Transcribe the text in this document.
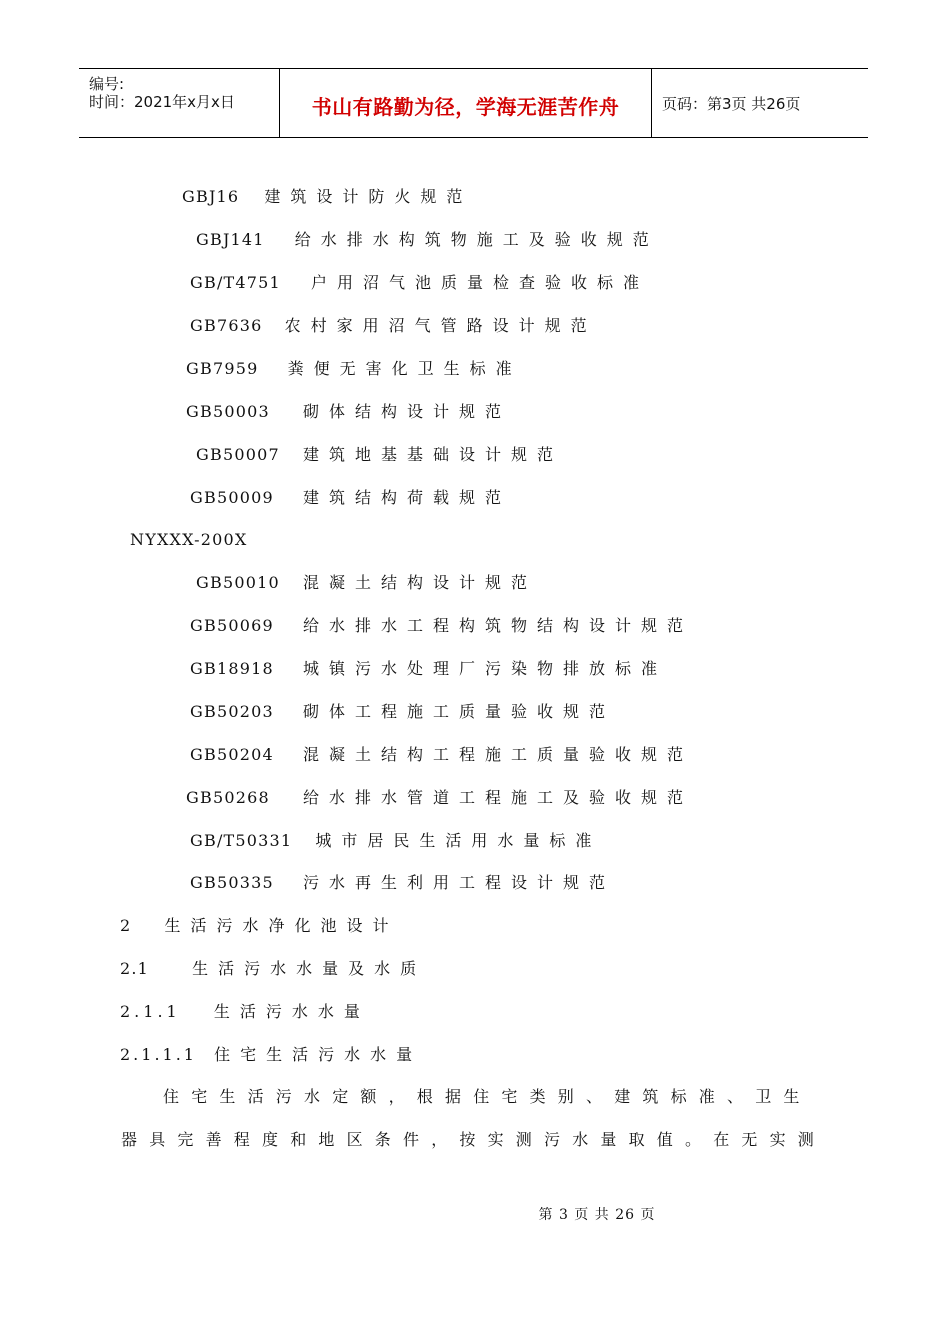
编号:
时间：2021年x月x日	书山有路勤为径，学海无涯苦作舟	页码：第3页 共26页
GBJ16 建筑设计防火规范
GBJ141 给水排水构筑物施工及验收规范
GB/T4751 户用沼气池质量检查验收标准
GB7636 农村家用沼气管路设计规范
GB7959 粪便无害化卫生标准
GB50003 砌体结构设计规范
GB50007 建筑地基基础设计规范
GB50009 建筑结构荷载规范
NYXXX-200X
GB50010 混凝土结构设计规范
GB50069 给水排水工程构筑物结构设计规范
GB18918 城镇污水处理厂污染物排放标准
GB50203 砌体工程施工质量验收规范
GB50204 混凝土结构工程施工质量验收规范
GB50268 给水排水管道工程施工及验收规范
GB/T50331 城市居民生活用水量标准
GB50335 污水再生利用工程设计规范
2 生活污水净化池设计
2.1	生活污水水量及水质
2.1.1 生活污水水量
2.1.1.1 住宅生活污水水量
住宅生活污水定额，根据住宅类别、建筑标准、卫生
器具完善程度和地区条件，按实测污水量取值。在无实测
第 3 页 共 26 页
